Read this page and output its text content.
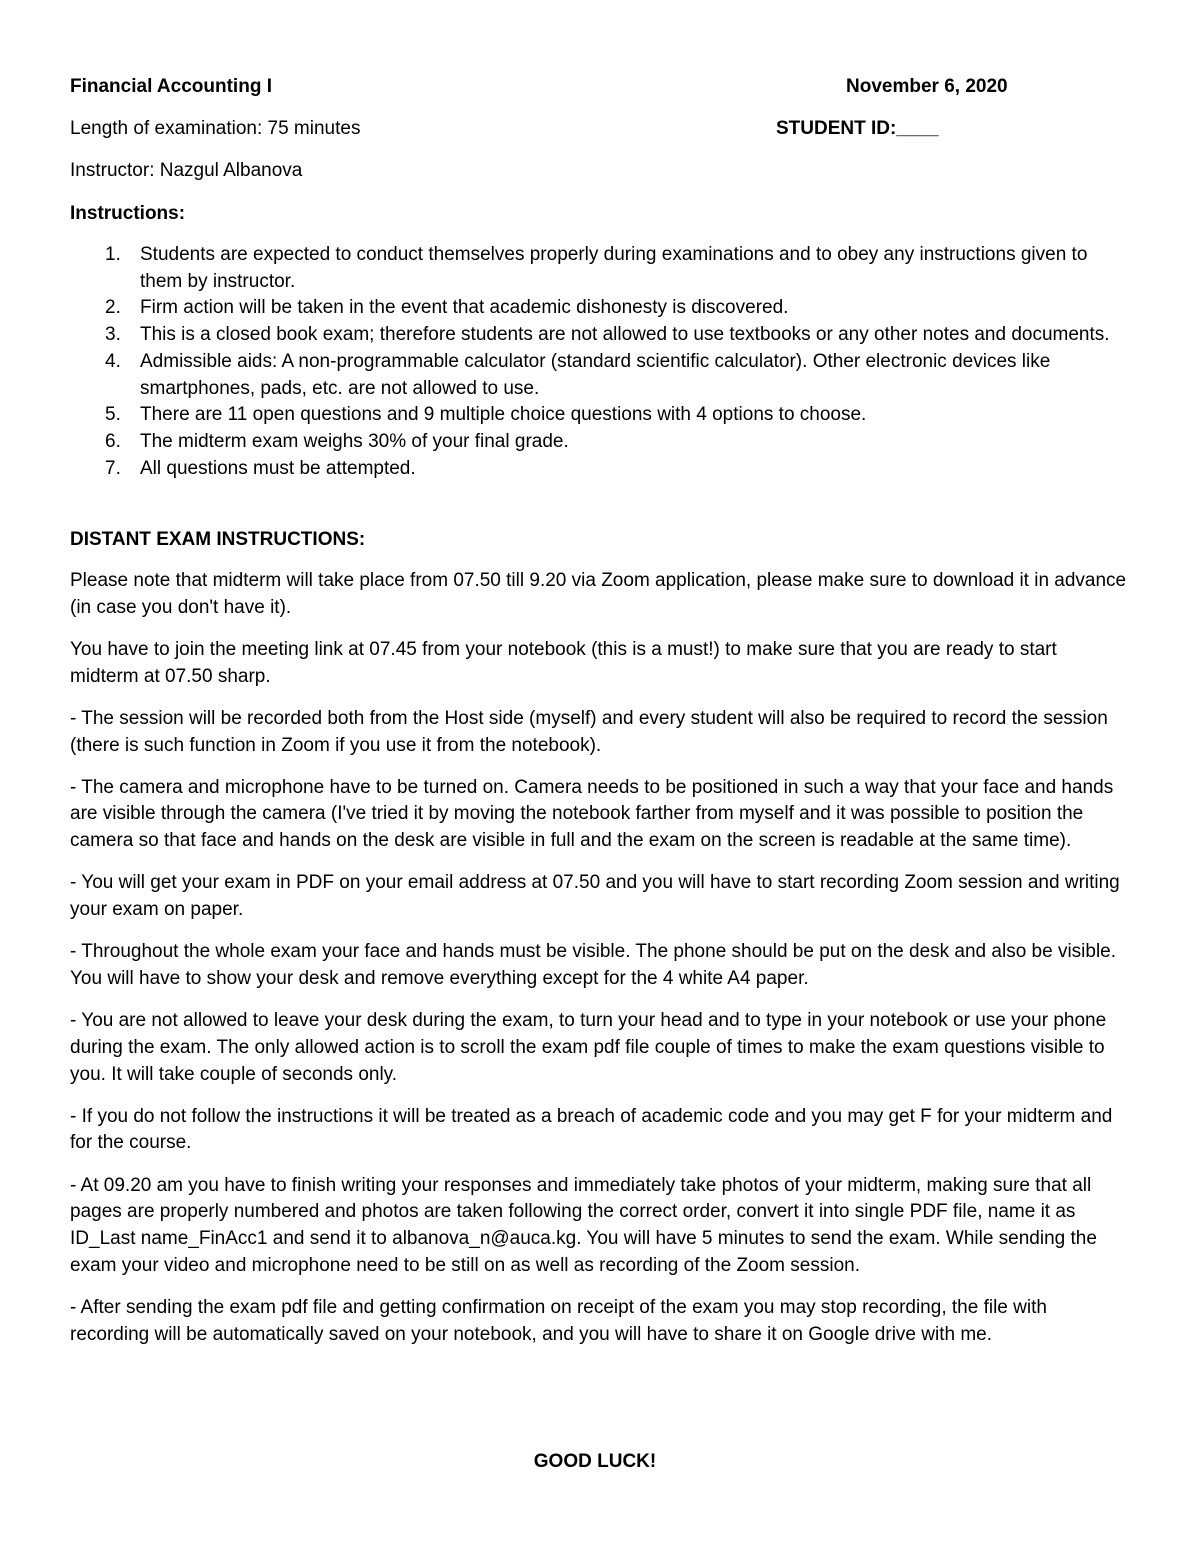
Financial Accounting I	November 6, 2020
Length of examination: 75 minutes	STUDENT ID:____
Instructor: Nazgul Albanova
Instructions:
1. Students are expected to conduct themselves properly during examinations and to obey any instructions given to them by instructor.
2. Firm action will be taken in the event that academic dishonesty is discovered.
3. This is a closed book exam; therefore students are not allowed to use textbooks or any other notes and documents.
4. Admissible aids: A non-programmable calculator (standard scientific calculator). Other electronic devices like smartphones, pads, etc. are not allowed to use.
5. There are 11 open questions and 9 multiple choice questions with 4 options to choose.
6. The midterm exam weighs 30% of your final grade.
7. All questions must be attempted.
DISTANT EXAM INSTRUCTIONS:

Please note that midterm will take place from 07.50 till 9.20 via Zoom application, please make sure to download it in advance (in case you don't have it).

You have to join the meeting link at 07.45 from your notebook (this is a must!) to make sure that you are ready to start midterm at 07.50 sharp.

- The session will be recorded both from the Host side (myself) and every student will also be required to record the session (there is such function in Zoom if you use it from the notebook).

- The camera and microphone have to be turned on. Camera needs to be positioned in such a way that your face and hands are visible through the camera (I've tried it by moving the notebook farther from myself and it was possible to position the camera so that face and hands on the desk are visible in full and the exam on the screen is readable at the same time).

- You will get your exam in PDF on your email address at 07.50 and you will have to start recording Zoom session and writing your exam on paper.

- Throughout the whole exam your face and hands must be visible. The phone should be put on the desk and also be visible. You will have to show your desk and remove everything except for the 4 white A4 paper.

- You are not allowed to leave your desk during the exam, to turn your head and to type in your notebook or use your phone during the exam. The only allowed action is to scroll the exam pdf file couple of times to make the exam questions visible to you. It will take couple of seconds only.

- If you do not follow the instructions it will be treated as a breach of academic code and you may get F for your midterm and for the course.

- At 09.20 am you have to finish writing your responses and immediately take photos of your midterm, making sure that all pages are properly numbered and photos are taken following the correct order, convert it into single PDF file, name it as ID_Last name_FinAcc1 and send it to albanova_n@auca.kg. You will have 5 minutes to send the exam. While sending the exam your video and microphone need to be still on as well as recording of the Zoom session.

- After sending the exam pdf file and getting confirmation on receipt of the exam you may stop recording, the file with recording will be automatically saved on your notebook, and you will have to share it on Google drive with me.

GOOD LUCK!
